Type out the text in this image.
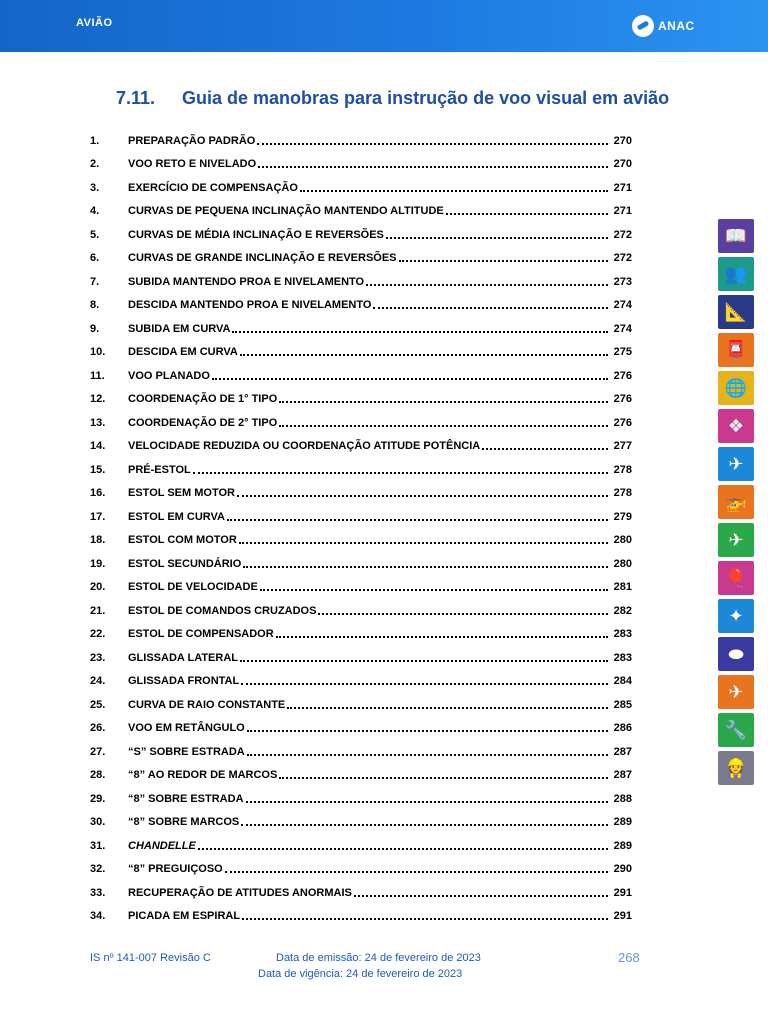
AVIÃO	ANAC
7.11.	Guia de manobras para instrução de voo visual em avião
1.	PREPARAÇÃO PADRÃO	270
2.	VOO RETO E NIVELADO	270
3.	EXERCÍCIO DE COMPENSAÇÃO	271
4.	CURVAS DE PEQUENA INCLINAÇÃO MANTENDO ALTITUDE	271
5.	CURVAS DE MÉDIA INCLINAÇÃO E REVERSÕES	272
6.	CURVAS DE GRANDE INCLINAÇÃO E REVERSÕES	272
7.	SUBIDA MANTENDO PROA E NIVELAMENTO	273
8.	DESCIDA MANTENDO PROA E NIVELAMENTO	274
9.	SUBIDA EM CURVA	274
10.	DESCIDA EM CURVA	275
11.	VOO PLANADO	276
12.	COORDENAÇÃO DE 1° TIPO	276
13.	COORDENAÇÃO DE 2° TIPO	276
14.	VELOCIDADE REDUZIDA OU COORDENAÇÃO ATITUDE POTÊNCIA	277
15.	PRÉ-ESTOL	278
16.	ESTOL SEM MOTOR	278
17.	ESTOL EM CURVA	279
18.	ESTOL COM MOTOR	280
19.	ESTOL SECUNDÁRIO	280
20.	ESTOL DE VELOCIDADE	281
21.	ESTOL DE COMANDOS CRUZADOS	282
22.	ESTOL DE COMPENSADOR	283
23.	GLISSADA LATERAL	283
24.	GLISSADA FRONTAL	284
25.	CURVA DE RAIO CONSTANTE	285
26.	VOO EM RETÂNGULO	286
27.	“S” SOBRE ESTRADA	287
28.	“8” AO REDOR DE MARCOS	287
29.	“8” SOBRE ESTRADA	288
30.	“8” SOBRE MARCOS	289
31.	CHANDELLE	289
32.	“8” PREGUIÇOSO	290
33.	RECUPERAÇÃO DE ATITUDES ANORMAIS	291
34.	PICADA EM ESPIRAL	291
📖
👥
📐
📮
🌐
❖
✈
🚁
✈
🎈
✦
⬬
✈
🔧
👷
IS nº 141-007 Revisão C	Data de emissão: 24 de fevereiro de 2023
Data de vigência: 24 de fevereiro de 2023
268
